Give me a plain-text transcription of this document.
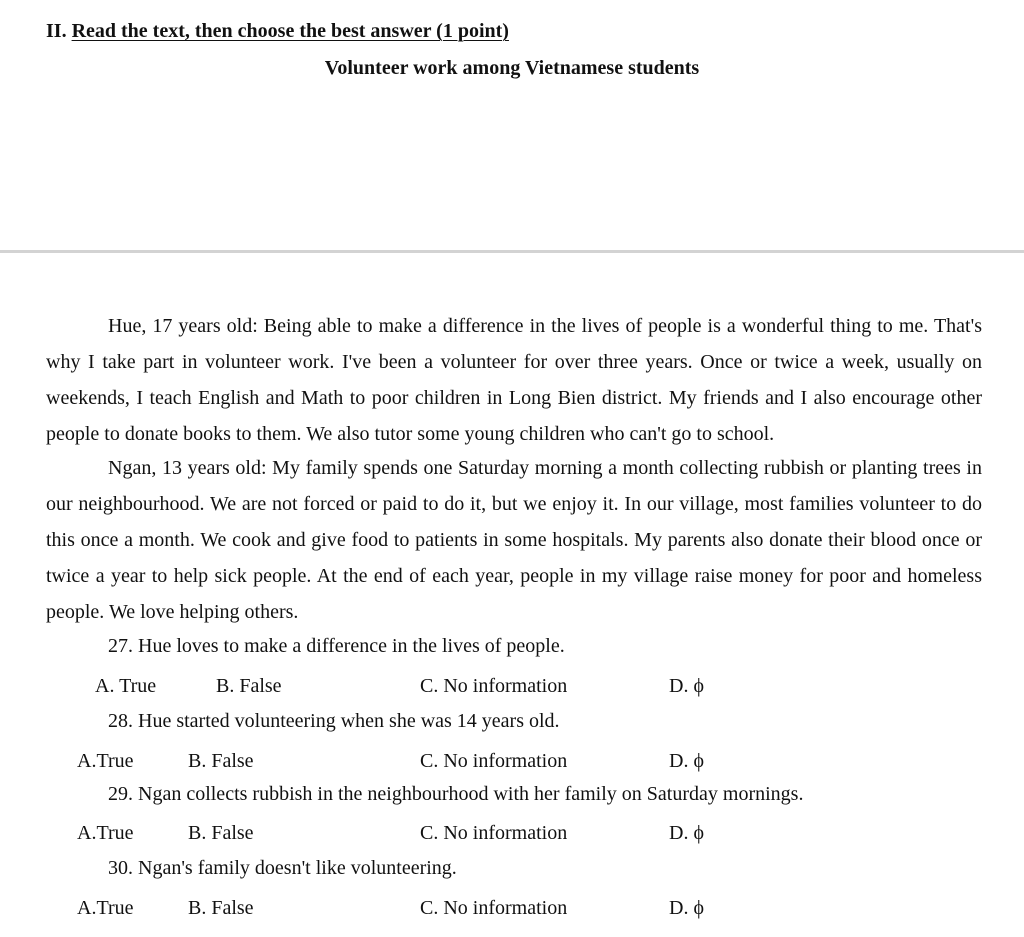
II. Read the text, then choose the best answer (1 point)
Volunteer work among Vietnamese students

Hue, 17 years old: Being able to make a difference in the lives of people is a wonderful thing to me. That's why I take part in volunteer work. I've been a volunteer for over three years. Once or twice a week, usually on weekends, I teach English and Math to poor children in Long Bien district. My friends and I also encourage other people to donate books to them. We also tutor some young children who can't go to school.

Ngan, 13 years old: My family spends one Saturday morning a month collecting rubbish or planting trees in our neighbourhood. We are not forced or paid to do it, but we enjoy it. In our village, most families volunteer to do this once a month. We cook and give food to patients in some hospitals. My parents also donate their blood once or twice a year to help sick people. At the end of each year, people in my village raise money for poor and homeless people. We love helping others.

27. Hue loves to make a difference in the lives of people.
A. True	B. False	C. No information	D. ϕ
28. Hue started volunteering when she was 14 years old.
A.True	B. False	C. No information	D. ϕ
29. Ngan collects rubbish in the neighbourhood with her family on Saturday mornings.
A.True	B. False	C. No information	D. ϕ
30. Ngan's family doesn't like volunteering.
A.True	B. False	C. No information	D. ϕ
